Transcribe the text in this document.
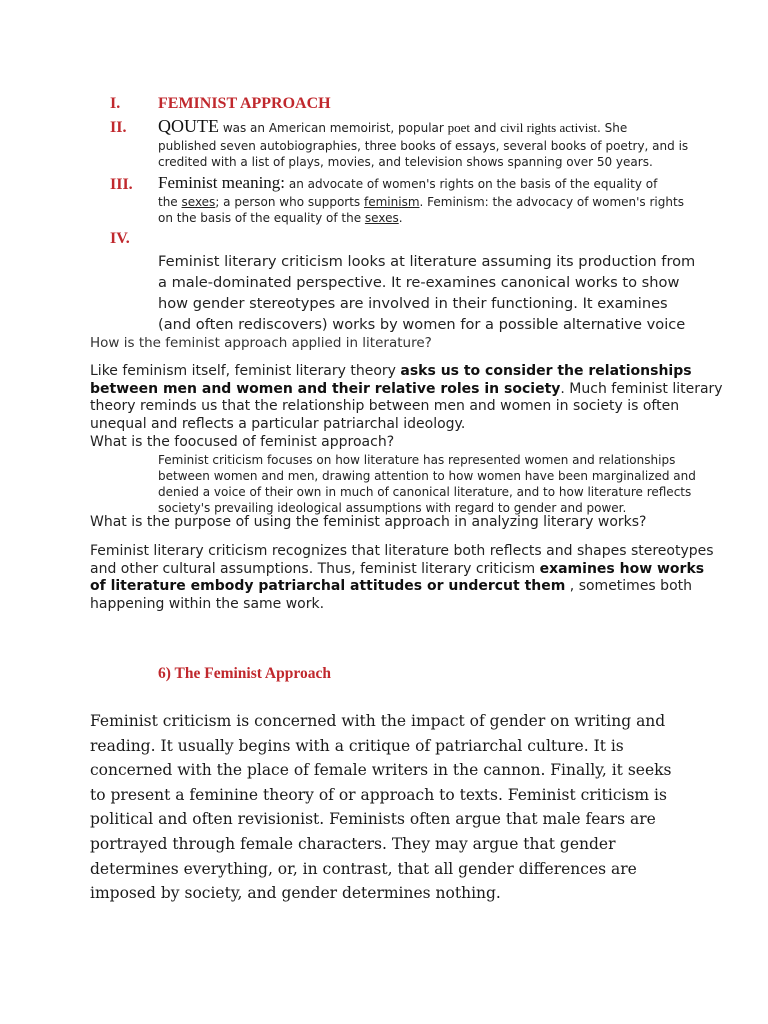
I. FEMINIST APPROACH
II. QOUTE was an American memoirist, popular poet and civil rights activist. She
published seven autobiographies, three books of essays, several books of poetry, and is
credited with a list of plays, movies, and television shows spanning over 50 years.
III. Feminist meaning: an advocate of women's rights on the basis of the equality of
the sexes; a person who supports feminism. Feminism: the advocacy of women's rights
on the basis of the equality of the sexes.
IV.
Feminist literary criticism looks at literature assuming its production from
a male-dominated perspective. It re-examines canonical works to show
how gender stereotypes are involved in their functioning. It examines
(and often rediscovers) works by women for a possible alternative voice
How is the feminist approach applied in literature?
Like feminism itself, feminist literary theory asks us to consider the relationships
between men and women and their relative roles in society. Much feminist literary
theory reminds us that the relationship between men and women in society is often
unequal and reflects a particular patriarchal ideology.
What is the foocused of feminist approach?
Feminist criticism focuses on how literature has represented women and relationships
between women and men, drawing attention to how women have been marginalized and
denied a voice of their own in much of canonical literature, and to how literature reflects
society's prevailing ideological assumptions with regard to gender and power.
What is the purpose of using the feminist approach in analyzing literary works?
Feminist literary criticism recognizes that literature both reflects and shapes stereotypes
and other cultural assumptions. Thus, feminist literary criticism examines how works
of literature embody patriarchal attitudes or undercut them , sometimes both
happening within the same work.
6) The Feminist Approach
Feminist criticism is concerned with the impact of gender on writing and
reading. It usually begins with a critique of patriarchal culture. It is
concerned with the place of female writers in the cannon. Finally, it seeks
to present a feminine theory of or approach to texts. Feminist criticism is
political and often revisionist. Feminists often argue that male fears are
portrayed through female characters. They may argue that gender
determines everything, or, in contrast, that all gender differences are
imposed by society, and gender determines nothing.
